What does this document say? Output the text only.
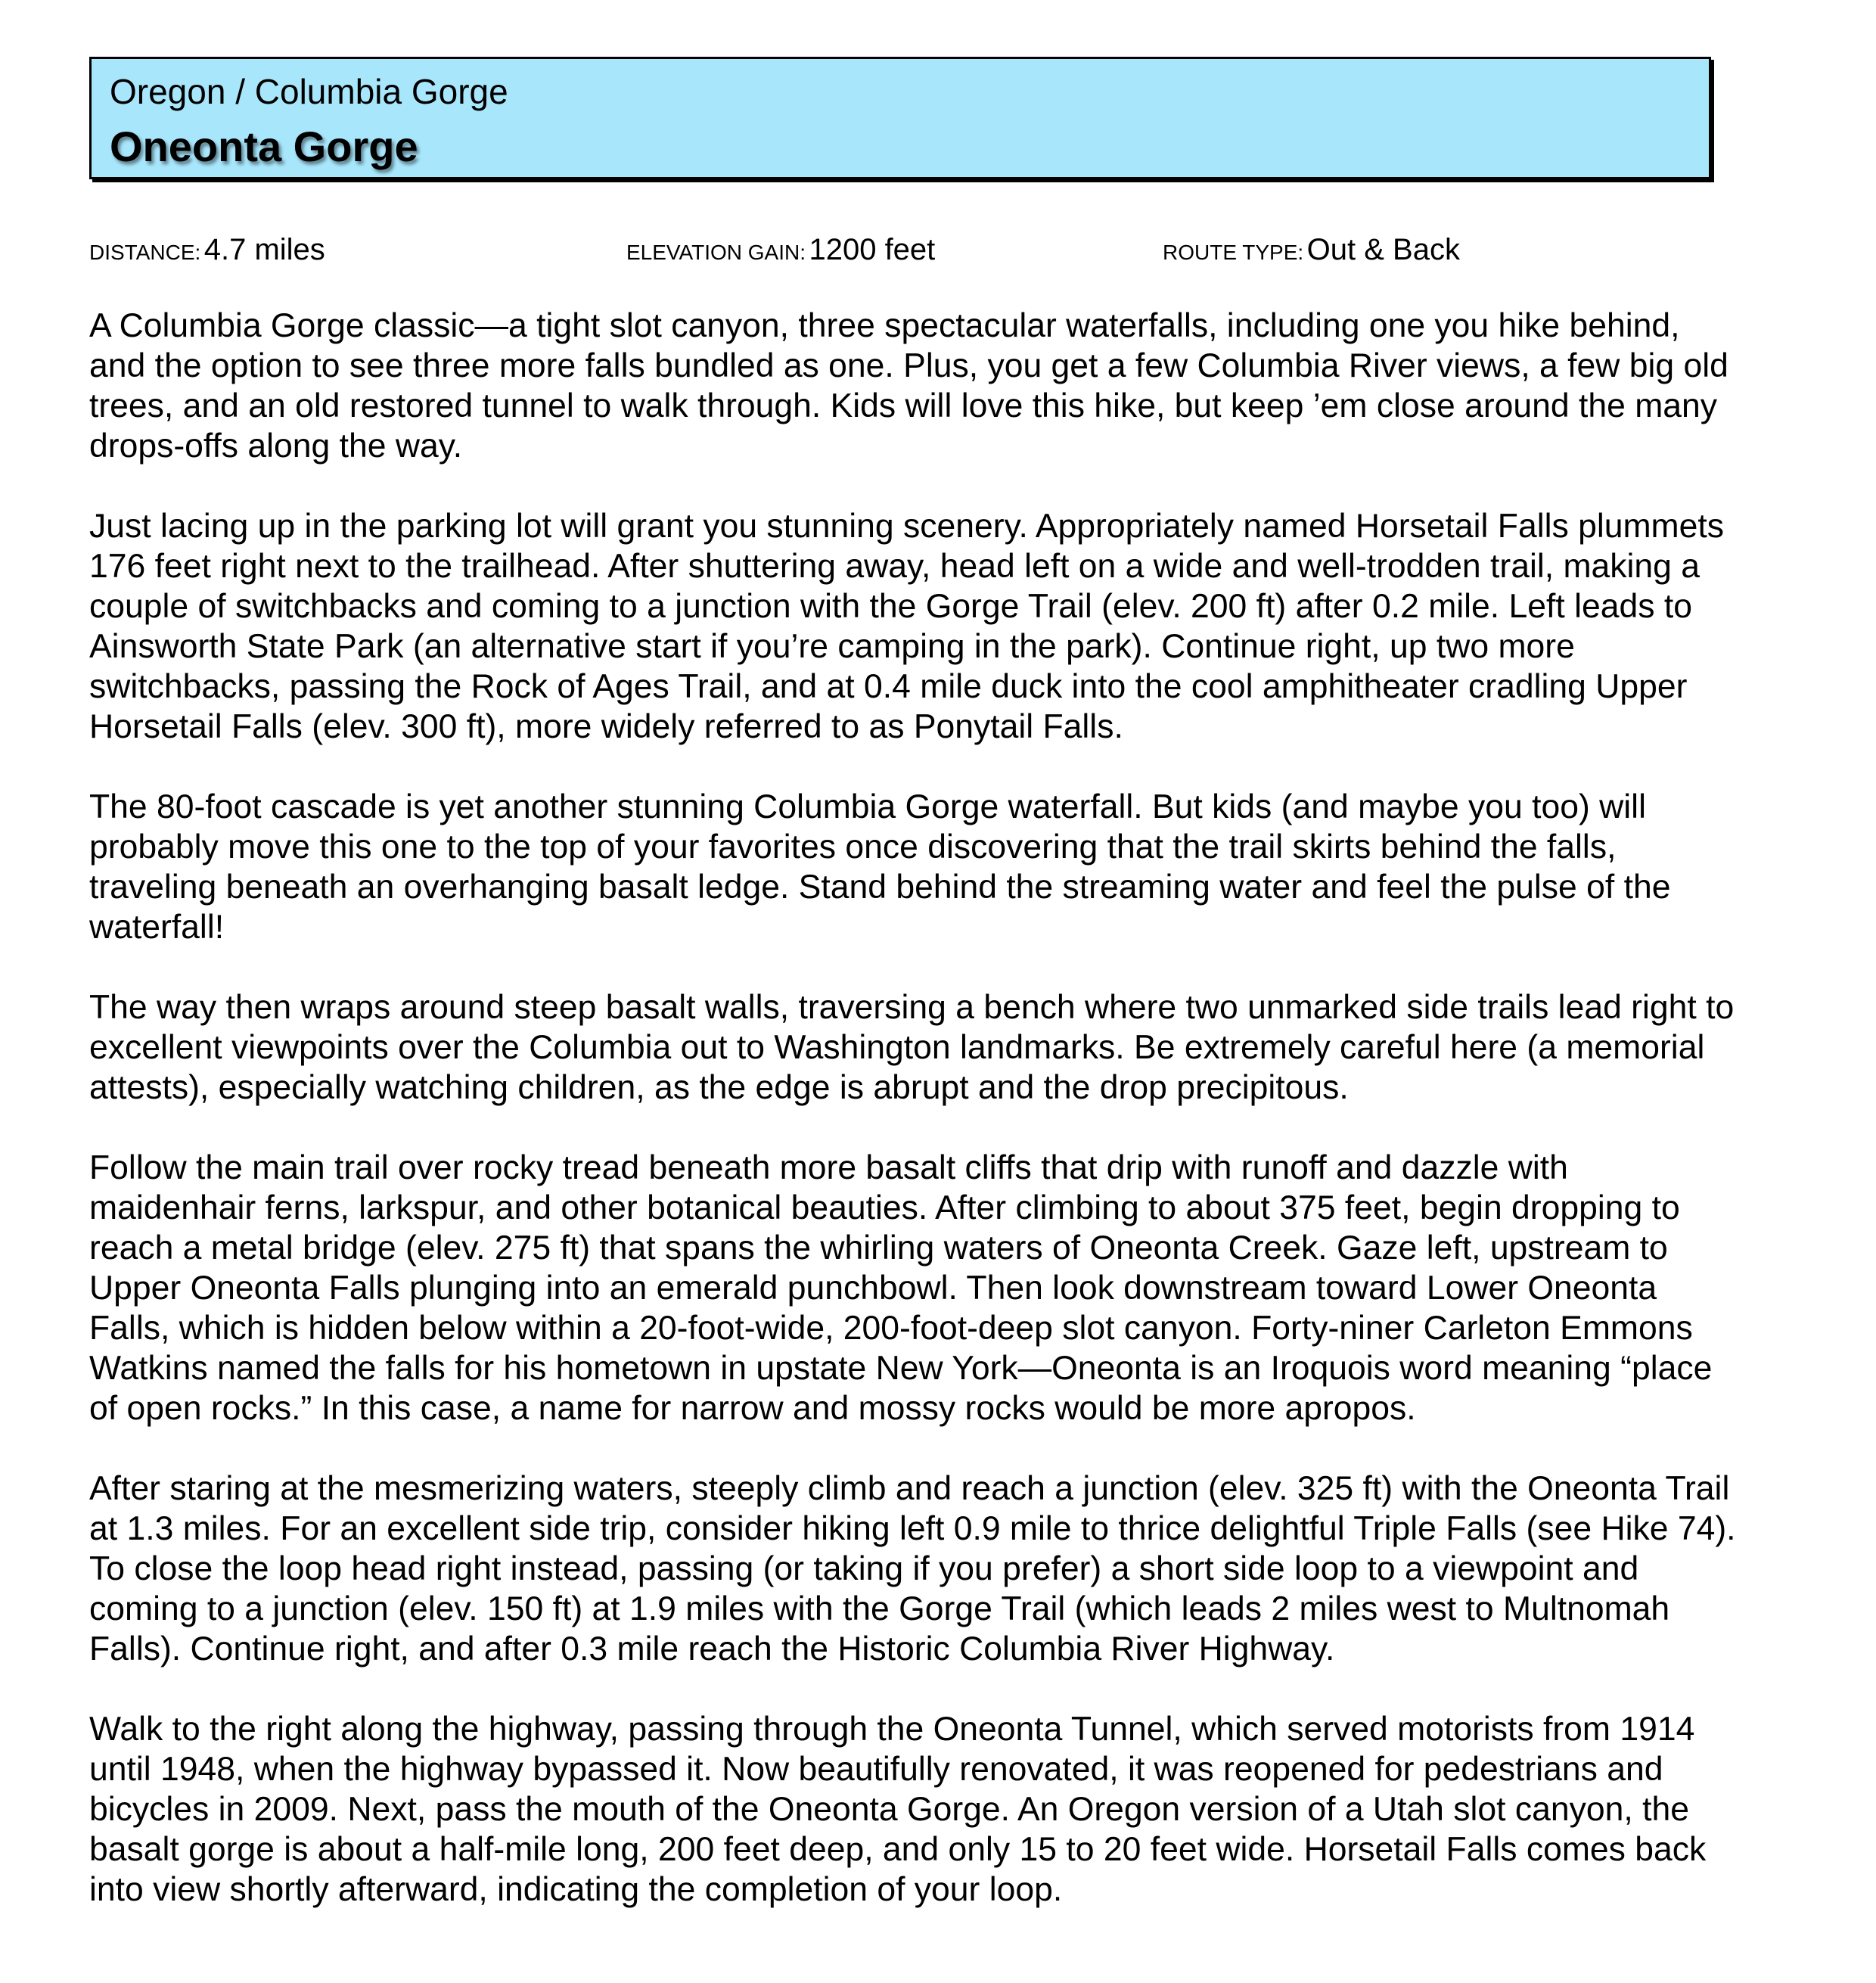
Oregon / Columbia Gorge
Oneonta Gorge
DISTANCE: 4.7 miles	ELEVATION GAIN: 1200 feet	ROUTE TYPE: Out & Back
A Columbia Gorge classic—a tight slot canyon, three spectacular waterfalls, including one you hike behind,
and the option to see three more falls bundled as one. Plus, you get a few Columbia River views, a few big old
trees, and an old restored tunnel to walk through. Kids will love this hike, but keep ’em close around the many
drops-offs along the way.
Just lacing up in the parking lot will grant you stunning scenery. Appropriately named Horsetail Falls plummets
176 feet right next to the trailhead. After shuttering away, head left on a wide and well-trodden trail, making a
couple of switchbacks and coming to a junction with the Gorge Trail (elev. 200 ft) after 0.2 mile. Left leads to
Ainsworth State Park (an alternative start if you’re camping in the park). Continue right, up two more
switchbacks, passing the Rock of Ages Trail, and at 0.4 mile duck into the cool amphitheater cradling Upper
Horsetail Falls (elev. 300 ft), more widely referred to as Ponytail Falls.
The 80-foot cascade is yet another stunning Columbia Gorge waterfall. But kids (and maybe you too) will
probably move this one to the top of your favorites once discovering that the trail skirts behind the falls,
traveling beneath an overhanging basalt ledge. Stand behind the streaming water and feel the pulse of the
waterfall!
The way then wraps around steep basalt walls, traversing a bench where two unmarked side trails lead right to
excellent viewpoints over the Columbia out to Washington landmarks. Be extremely careful here (a memorial
attests), especially watching children, as the edge is abrupt and the drop precipitous.
Follow the main trail over rocky tread beneath more basalt cliffs that drip with runoff and dazzle with
maidenhair ferns, larkspur, and other botanical beauties. After climbing to about 375 feet, begin dropping to
reach a metal bridge (elev. 275 ft) that spans the whirling waters of Oneonta Creek. Gaze left, upstream to
Upper Oneonta Falls plunging into an emerald punchbowl. Then look downstream toward Lower Oneonta
Falls, which is hidden below within a 20-foot-wide, 200-foot-deep slot canyon. Forty-niner Carleton Emmons
Watkins named the falls for his hometown in upstate New York—Oneonta is an Iroquois word meaning “place
of open rocks.” In this case, a name for narrow and mossy rocks would be more apropos.
After staring at the mesmerizing waters, steeply climb and reach a junction (elev. 325 ft) with the Oneonta Trail
at 1.3 miles. For an excellent side trip, consider hiking left 0.9 mile to thrice delightful Triple Falls (see Hike 74).
To close the loop head right instead, passing (or taking if you prefer) a short side loop to a viewpoint and
coming to a junction (elev. 150 ft) at 1.9 miles with the Gorge Trail (which leads 2 miles west to Multnomah
Falls). Continue right, and after 0.3 mile reach the Historic Columbia River Highway.
Walk to the right along the highway, passing through the Oneonta Tunnel, which served motorists from 1914
until 1948, when the highway bypassed it. Now beautifully renovated, it was reopened for pedestrians and
bicycles in 2009. Next, pass the mouth of the Oneonta Gorge. An Oregon version of a Utah slot canyon, the
basalt gorge is about a half-mile long, 200 feet deep, and only 15 to 20 feet wide. Horsetail Falls comes back
into view shortly afterward, indicating the completion of your loop.
